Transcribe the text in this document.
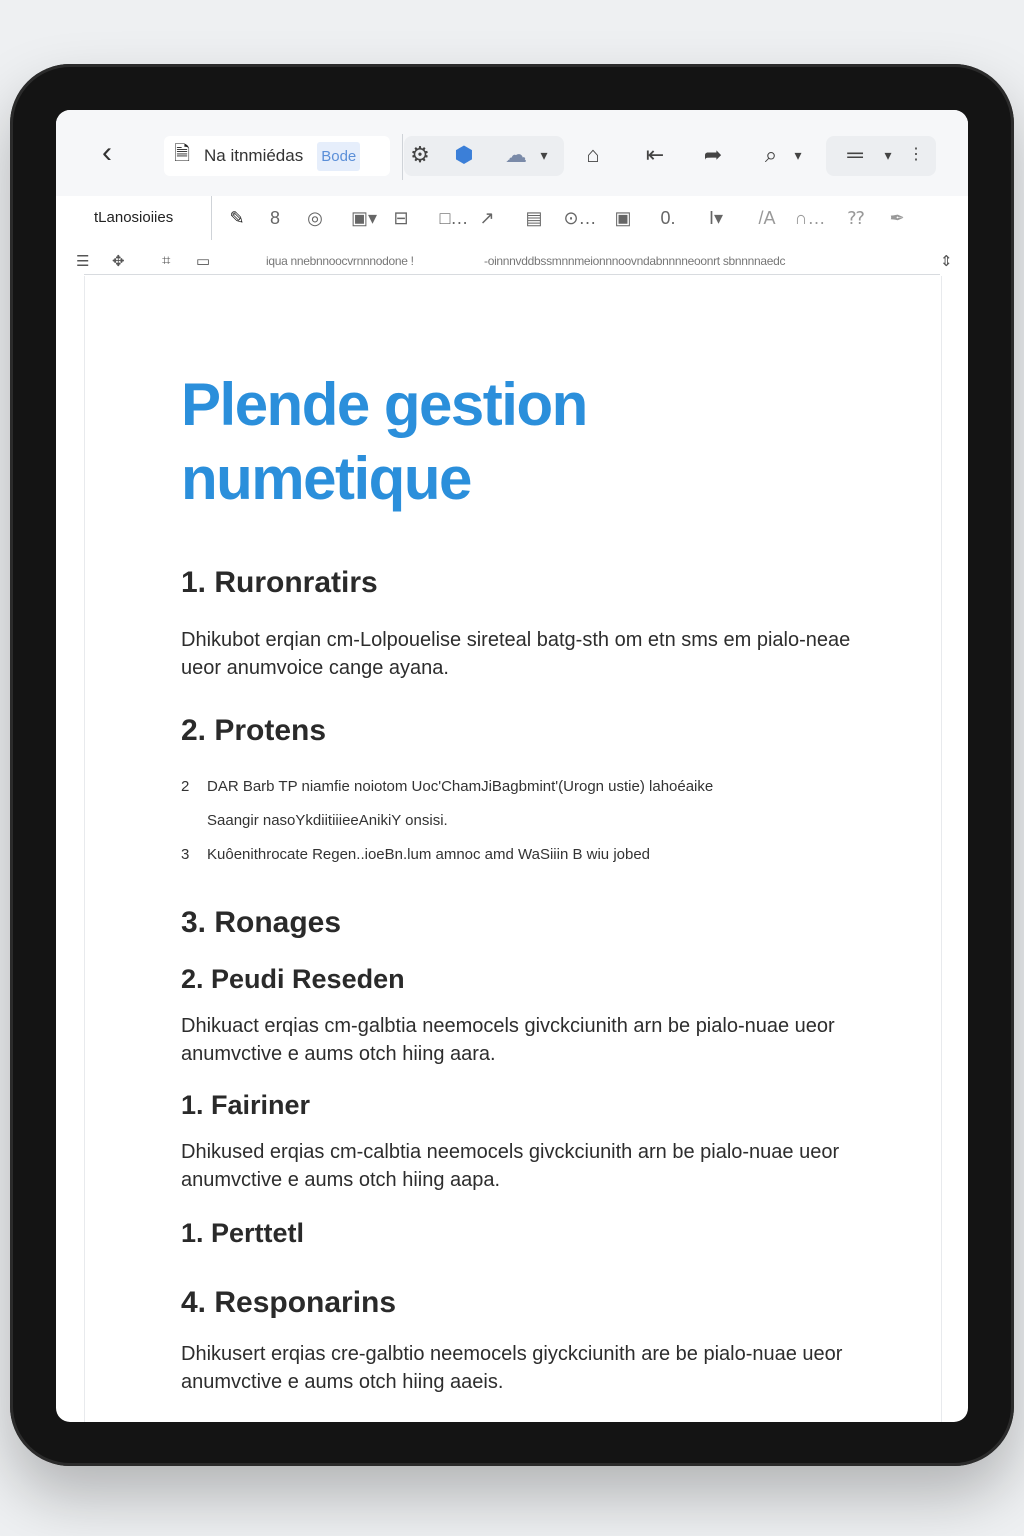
‹	🗎 Na itnmiédas Bode ⚙ ⬢ ☁ ▾	⌂	⇤	➦	⌕	▾	═	▾ ⋮
tLanosioiies	✎	8	◎ ▣▾ ⊟	□… ↗	▤	⊙… ▣	0.	I▾	/A	∩…	⁇	✒
☰ ✥ ⌗ ▭	iqua nnebnnoocvrnnnodone !	-oinnnvddbssmnnmeionnnoovndabnnnneoonrt sbnnnnaedc	⇕
Plende gestion numetique
1. Ruronratirs
Dhikubot erqian cm-Lolpouelise sireteal batg-sth om etn sms em pialo-neae ueor anumvoice cange ayana.
2. Protens
2 DAR Barb TP niamfie noiotom Uoc'ChamJiBagbmint'(Urogn ustie) lahoéaike
Saangir nasoYkdiitiiieeAnikiY onsisi.
3 Kuôenithrocate Regen..ioeBn.lum amnoc amd WaSiiin B wiu jobed
3. Ronages
2. Peudi Reseden
Dhikuact erqias cm-galbtia neemocels givckciunith arn be pialo-nuae ueor anumvctive e aums otch hiing aara.
1. Fairiner
Dhikused erqias cm-calbtia neemocels givckciunith arn be pialo-nuae ueor anumvctive e aums otch hiing aapa.
1. Perttetl
4. Responarins
Dhikusert erqias cre-galbtio neemocels giyckciunith are be pialo-nuae ueor anumvctive e aums otch hiing aaeis.
